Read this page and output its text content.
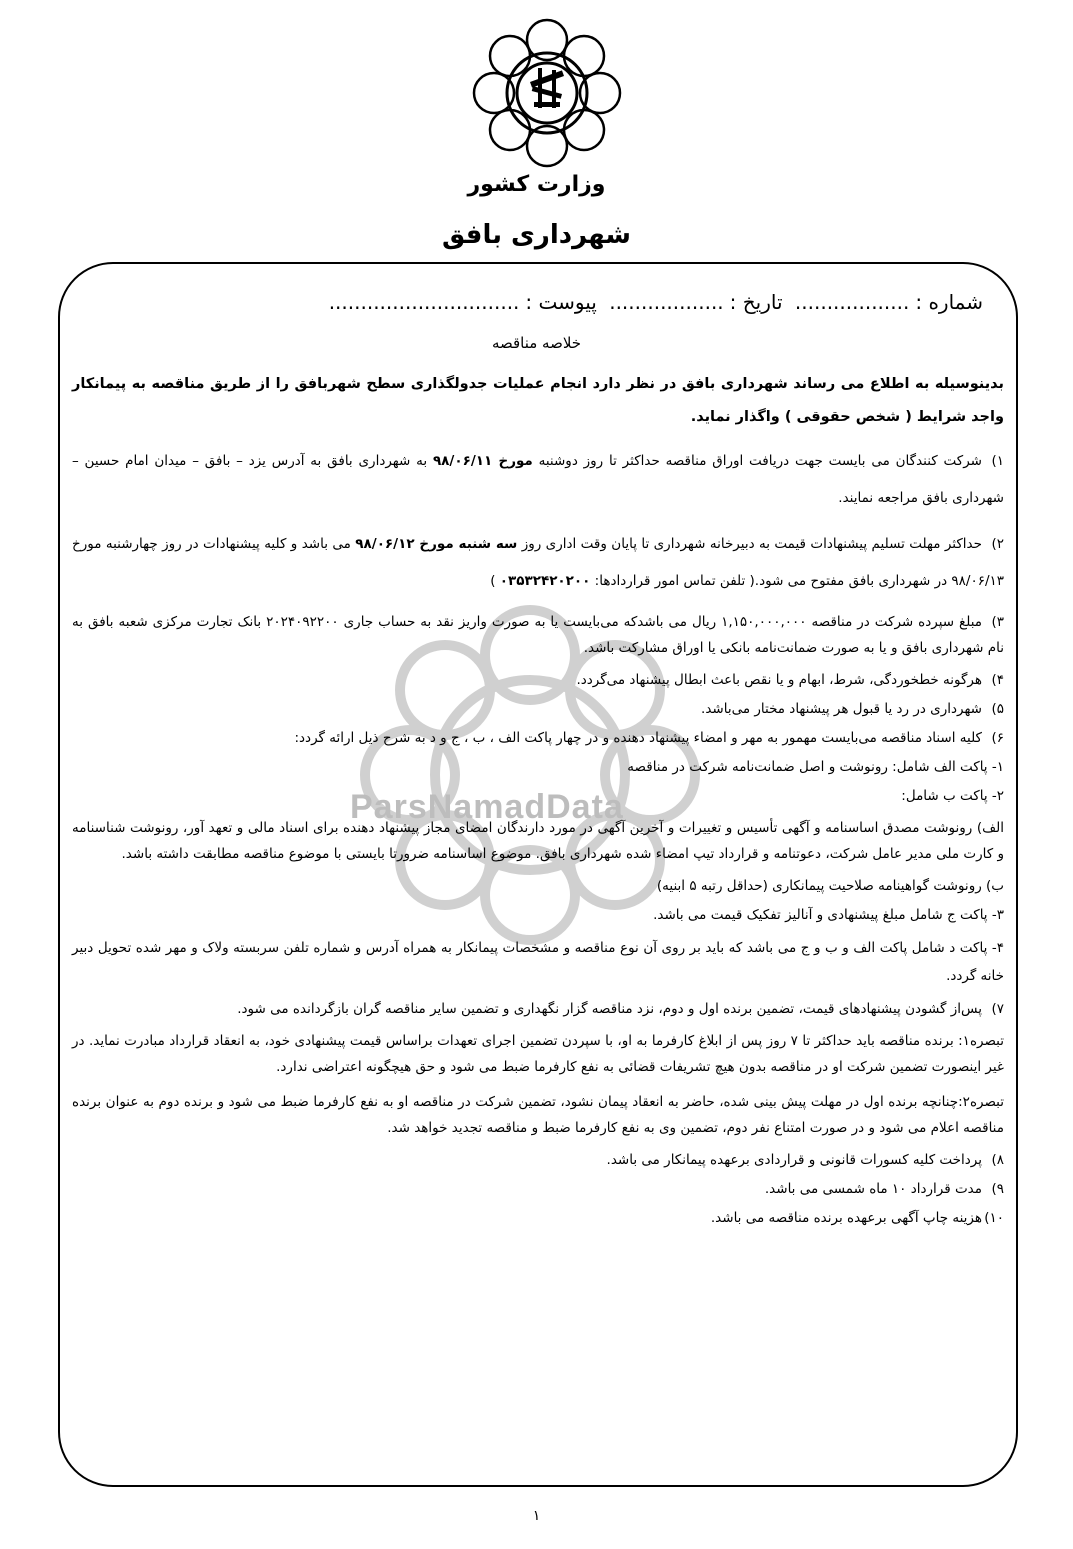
وزارت کشور
شهرداری بافق
شماره :.................. تاریخ :.................. پیوست :..............................
خلاصه مناقصه
ParsNamadData

بدینوسیله به اطلاع می رساند شهرداری بافق در نظر دارد انجام عملیات جدولگذاری سطح شهربافق را از طریق مناقصه به پیمانکار واجد شرایط ( شخص حقوقی ) واگذار نماید.

۱)شرکت کنندگان می بایست جهت دریافت اوراق مناقصه حداکثر تا روز دوشنبه مورخ ۹۸/۰۶/۱۱ به شهرداری بافق به آدرس یزد – بافق – میدان امام حسین –شهرداری بافق مراجعه نمایند.

۲)حداکثر مهلت تسلیم پیشنهادات قیمت به دبیرخانه شهرداری تا پایان وقت اداری روز سه شنبه مورخ ۹۸/۰۶/۱۲ می باشد و کلیه پیشنهادات در روز چهارشنبه مورخ ۹۸/۰۶/۱۳ در شهرداری بافق مفتوح می شود.( تلفن تماس امور قراردادها: ۰۳۵۳۲۴۲۰۲۰۰ )

۳)مبلغ سپرده شرکت در مناقصه ۱,۱۵۰,۰۰۰,۰۰۰ ریال می باشدکه می‌بایست یا به صورت واریز نقد به حساب جاری ۲۰۲۴۰۹۲۲۰۰ بانک تجارت مرکزی شعبه بافق به نام شهرداری بافق و یا به صورت ضمانت‌نامه بانکی یا اوراق مشارکت باشد.

۴)هرگونه خطخوردگی، شرط، ابهام و یا نقص باعث ابطال پیشنهاد می‌گردد.

۵)شهرداری در رد یا قبول هر پیشنهاد مختار می‌باشد.

۶)کلیه اسناد مناقصه می‌بایست مهمور به مهر و امضاء پیشنهاد دهنده و در چهار پاکت الف ، ب ، ج و د به شرح ذیل ارائه گردد:

۱- پاکت الف شامل: رونوشت و اصل ضمانت‌نامه شرکت در مناقصه

۲- پاکت ب شامل:

الف) رونوشت مصدق اساسنامه و آگهی تأسیس و تغییرات و آخرین آگهی در مورد دارندگان امضای مجاز پیشنهاد دهنده برای اسناد مالی و تعهد آور، رونوشت شناسنامه و کارت ملی مدیر عامل شرکت، دعوتنامه و قرارداد تیپ امضاء شده شهرداری بافق. موضوع اساسنامه ضرورتا بایستی با موضوع مناقصه مطابقت داشته باشد.

ب) رونوشت گواهینامه صلاحیت پیمانکاری (حداقل رتبه ۵ ابنیه)

۳- پاکت ج شامل مبلغ پیشنهادی و آنالیز تفکیک قیمت می باشد.

۴- پاکت د شامل پاکت الف و ب و ج می باشد که باید بر روی آن نوع مناقصه و مشخصات پیمانکار به همراه آدرس و شماره تلفن سربسته ولاک و مهر شده تحویل دبیر خانه گردد.

۷)پس‌از گشودن پیشنهادهای قیمت، تضمین برنده اول و دوم، نزد مناقصه گزار نگهداری و تضمین سایر مناقصه گران بازگردانده می شود.

تبصره۱: برنده مناقصه باید حداکثر تا ۷ روز پس از ابلاغ کارفرما به او، با سپردن تضمین اجرای تعهدات براساس قیمت پیشنهادی خود، به انعقاد قرارداد مبادرت نماید. در غیر اینصورت تضمین شرکت او در مناقصه بدون هیچ تشریفات قضائی به نفع کارفرما ضبط می شود و حق هیچگونه اعتراضی ندارد.

تبصره۲:چنانچه برنده اول در مهلت پیش بینی شده، حاضر به انعقاد پیمان نشود، تضمین شرکت در مناقصه او به نفع کارفرما ضبط می شود و برنده دوم به عنوان برنده مناقصه اعلام می شود و در صورت امتناع نفر دوم، تضمین وی به نفع کارفرما ضبط و مناقصه تجدید خواهد شد.

۸)پرداخت کلیه کسورات قانونی و قراردادی برعهده پیمانکار می باشد.

۹)مدت قرارداد ۱۰ ماه شمسی می باشد.

۱۰)هزینه چاپ آگهی برعهده برنده مناقصه می باشد.

۱
